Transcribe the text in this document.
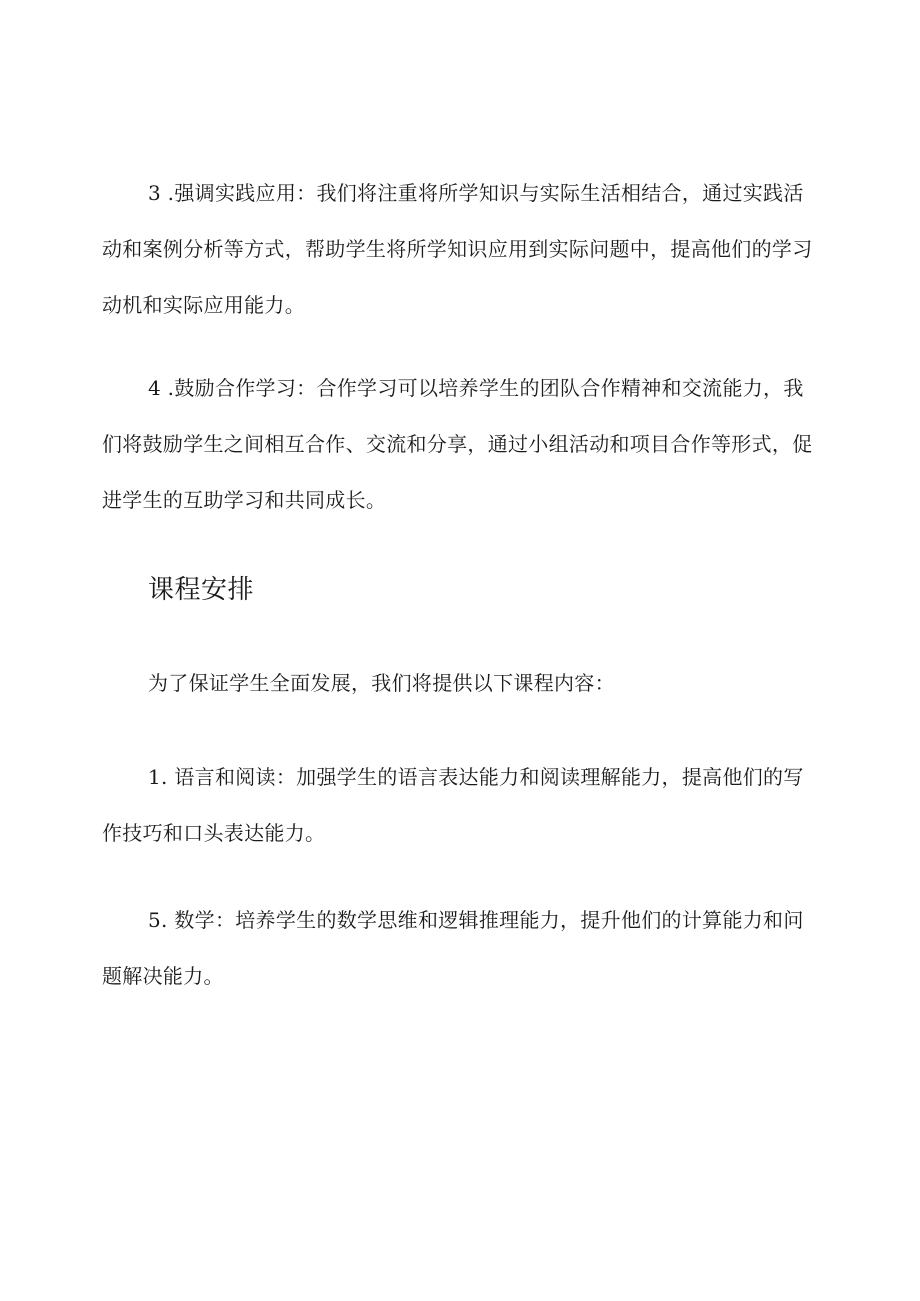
3 .强调实践应用：我们将注重将所学知识与实际生活相结合，通过实践活动和案例分析等方式，帮助学生将所学知识应用到实际问题中，提高他们的学习动机和实际应用能力。

4 .鼓励合作学习：合作学习可以培养学生的团队合作精神和交流能力，我们将鼓励学生之间相互合作、交流和分享，通过小组活动和项目合作等形式，促进学生的互助学习和共同成长。

课程安排

为了保证学生全面发展，我们将提供以下课程内容：

1. 语言和阅读：加强学生的语言表达能力和阅读理解能力，提高他们的写作技巧和口头表达能力。

5. 数学：培养学生的数学思维和逻辑推理能力，提升他们的计算能力和问题解决能力。
